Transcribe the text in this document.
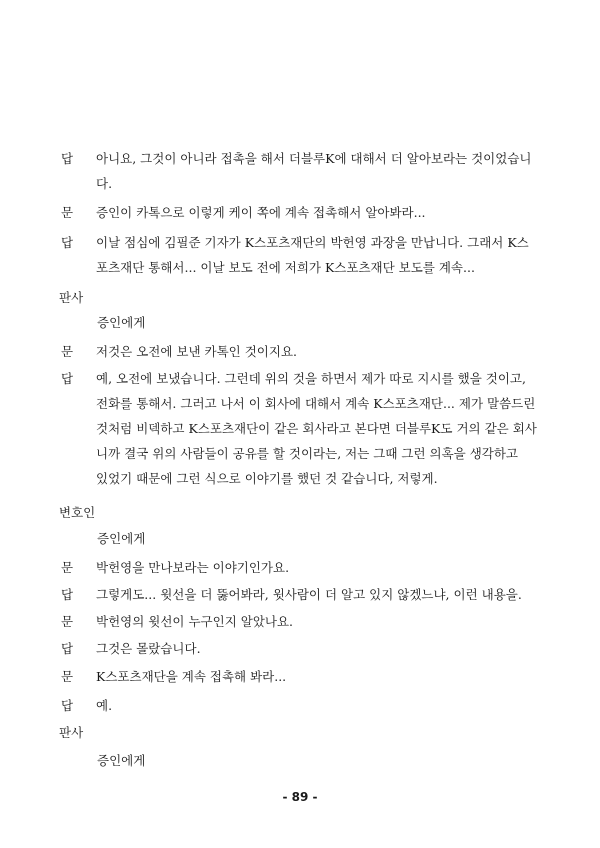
답 아니요, 그것이 아니라 접촉을 해서 더블루K에 대해서 더 알아보라는 것이었습니
다.
문 증인이 카톡으로 이렇게 케이 쪽에 계속 접촉해서 알아봐라...
답 이날 점심에 김필준 기자가 K스포츠재단의 박헌영 과장을 만납니다. 그래서 K스
포츠재단 통해서... 이날 보도 전에 저희가 K스포츠재단 보도를 계속...
판사
증인에게
문 저것은 오전에 보낸 카톡인 것이지요.
답 예, 오전에 보냈습니다. 그런데 위의 것을 하면서 제가 따로 지시를 했을 것이고,
전화를 통해서. 그러고 나서 이 회사에 대해서 계속 K스포츠재단... 제가 말씀드린
것처럼 비덱하고 K스포츠재단이 같은 회사라고 본다면 더블루K도 거의 같은 회사
니까 결국 위의 사람들이 공유를 할 것이라는, 저는 그때 그런 의혹을 생각하고
있었기 때문에 그런 식으로 이야기를 했던 것 같습니다, 저렇게.
변호인
증인에게
문 박헌영을 만나보라는 이야기인가요.
답 그렇게도... 윗선을 더 뚫어봐라, 윗사람이 더 알고 있지 않겠느냐, 이런 내용을.
문 박헌영의 윗선이 누구인지 알았나요.
답 그것은 몰랐습니다.
문 K스포츠재단을 계속 접촉해 봐라...
답 예.
판사
증인에게
- 89 -
